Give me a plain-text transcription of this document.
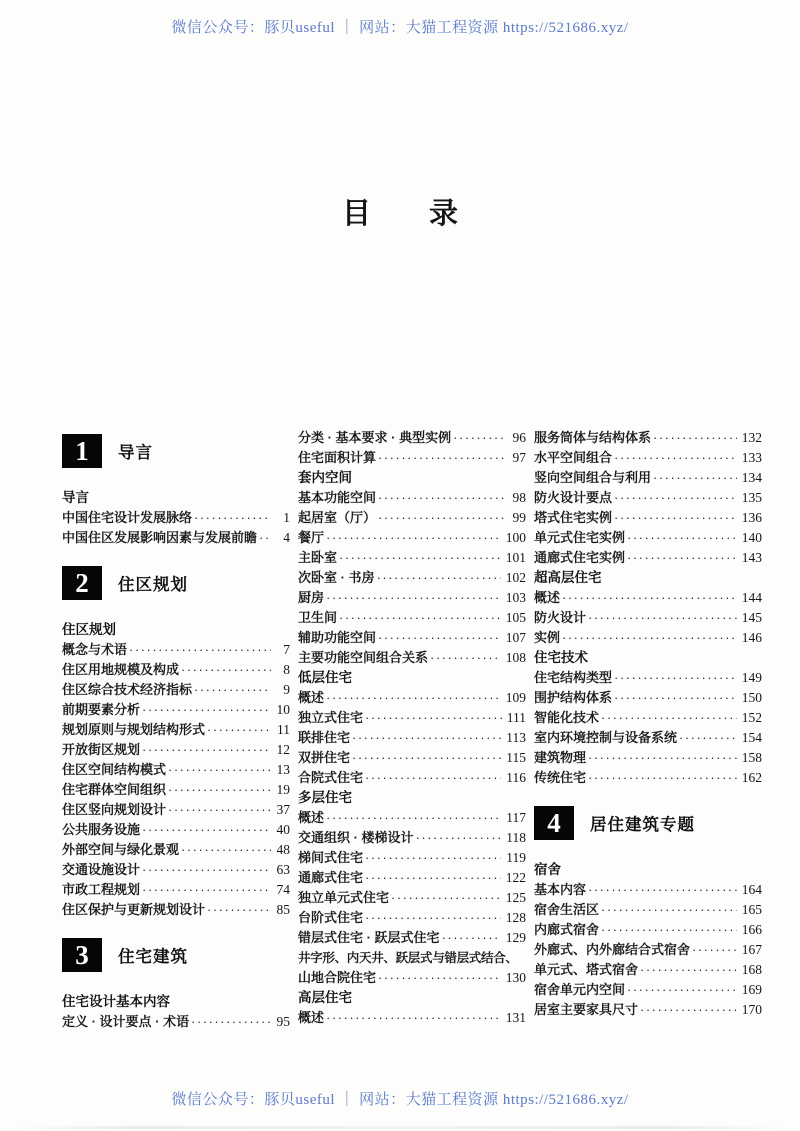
微信公众号：豚贝useful ｜ 网站：大猫工程资源 https://521686.xyz/
目　　录
1	导言
导言
中国住宅设计发展脉络 ·····	1
中国住区发展影响因素与发展前瞻 ·····	4
2	住区规划
住区规划
概念与术语 ·····	7
住区用地规模及构成 ·····	8
住区综合技术经济指标 ·····	9
前期要素分析 ·····	10
规划原则与规划结构形式 ·····	11
开放街区规划 ·····	12
住区空间结构模式 ·····	13
住宅群体空间组织 ·····	19
住区竖向规划设计 ·····	37
公共服务设施 ·····	40
外部空间与绿化景观 ·····	48
交通设施设计 ·····	63
市政工程规划 ·····	74
住区保护与更新规划设计 ·····	85
3	住宅建筑
住宅设计基本内容
定义 · 设计要点 · 术语 ·····	95
分类 · 基本要求 · 典型实例 ·····	96
住宅面积计算 ·····	97
套内空间
基本功能空间 ·····	98
起居室（厅） ·····	99
餐厅 ·····	100
主卧室 ·····	101
次卧室 · 书房 ·····	102
厨房 ·····	103
卫生间 ·····	105
辅助功能空间 ·····	107
主要功能空间组合关系 ·····	108
低层住宅
概述 ·····	109
独立式住宅 ·····	111
联排住宅 ·····	113
双拼住宅 ·····	115
合院式住宅 ·····	116
多层住宅
概述 ·····	117
交通组织 · 楼梯设计 ·····	118
梯间式住宅 ·····	119
通廊式住宅 ·····	122
独立单元式住宅 ·····	125
台阶式住宅 ·····	128
错层式住宅 · 跃层式住宅 ·····	129
井字形、内天井、跃层式与错层式结合、
山地合院住宅 ·····	130
高层住宅
概述 ·····	131
服务筒体与结构体系 ·····	132
水平空间组合 ·····	133
竖向空间组合与利用 ·····	134
防火设计要点 ·····	135
塔式住宅实例 ·····	136
单元式住宅实例 ·····	140
通廊式住宅实例 ·····	143
超高层住宅
概述 ·····	144
防火设计 ·····	145
实例 ·····	146
住宅技术
住宅结构类型 ·····	149
围护结构体系 ·····	150
智能化技术 ·····	152
室内环境控制与设备系统 ·····	154
建筑物理 ·····	158
传统住宅 ·····	162
4	居住建筑专题
宿舍
基本内容 ·····	164
宿舍生活区 ·····	165
内廊式宿舍 ·····	166
外廊式、内外廊结合式宿舍 ·····	167
单元式、塔式宿舍 ·····	168
宿舍单元内空间 ·····	169
居室主要家具尺寸 ·····	170
微信公众号：豚贝useful ｜ 网站：大猫工程资源 https://521686.xyz/
